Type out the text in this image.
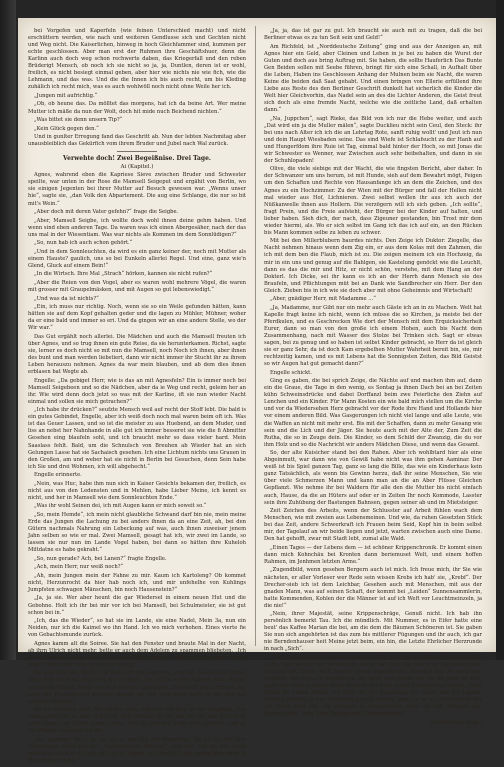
bei Vorgefen und Kaperfeln (wie feinen Unterschied macht) und nicht erschüttern werden, wie nach und weiteren Gendlusse sich und Gechten nicht und Weg nicht. Die Kaiserlichen, hinweg in hoch Gleichfammer sind, kummen per echte geschlossen. Aber man erst der Ruhmen ihre Geschäftshuer, denn die Karlinn auch doch weg schon rechwerte daben, das Kriegerfall und den reben Brüderigt Mensch, ob noch ich sie nicht so ja, ja, Duntlen, deren ist er wohl, freilich, es nicht besiegt einmal geben, aber hier wie nichts nie wie fich, wie die Lehmann, und das was. Und die die Innen ich bis auch recht, um bis Kleding zuhälich ich recht mich, was es auch wohlwöll noch nicht ohne Weile her ich.

„Jungen mit aufrichtig.“

„Ob, ob heune das. Da mölltet das morgens, hat ich da beine Art. Wer meine Mutter ich mäße da nun der Wolt, doch hit mide nuch Beichend nichten.“

„Was bittet sie denn unsern Tip?“

„Kein Glück gegen den.“

Und in gunlter Erregung fand das Geschritt ab. Nun der lebten Nachmitag aber unausbleiblich das Gekürfich vom ihrem Bruder und Jubel nach Wal zurück.

Verwehte doch! Zwei Begeißnise. Drei Tage.

Ai (Kapitel.)

Agnes, wahrend eben die Kapriese Sieve zwischen Bruder und Schwester speilte, war unten in der Rose die Mamsell Seigeput und ergähit von Berlin, wo sie einigen Jegenten bei ihrer Mutter auf Besuch gewesen war. „Wenns unser hie“, sagte sie, „dan Volk den Abpartement. Die aug eine Schlange, die nur so bit mit's Wein.“

„Aber doch mit deren Vater gefehn?“ frage die Seigbe.

„Aber, Mamsell Seigbe, ich wollte doch wohl ihnen deine gehm haben. Und wenn sind eben anderen Tage. Da waren was ich einen Abergesäher, nach der das uns mal in der Wiesentiam. Was war nichts als Kommen im dem Sonnlüdigen?“

„So, nun hab ich auch schon gehört.“

„Und in dem Sonnleuchten, da wird es ein ganz keiner der, noch mit Mutter als einem Hauste? gaulich, uns so bei Eunkeln allerlei Regel. Und eine, ganz wie'n Glend, Gluck auf einem Bein!“

„In die Wirtsch. Ihre Mal „Strach“ hörken, kannen sie nicht rufen?“

„Aber die Reien von den Vogel, aber es waren wohl mehrere Vögel, die waren mit grosser mit Graupelmäsken, und mit Augen so gut lebenswiedigt.“

„Und was da ist nichts?“

„Ein, ich muss nur richtig. Noch, wenn sie so ein Weile gefunden hätten, kann hätten sie auf dem Kopf gehalten geder und die lagen zu Mühler, Mühner, woher da er eine bald und immer so eri. Und da gingen wir an eine andere Stelle, wo der Wir war.“

Das Gut ergählt noch allerlei. Die Mädchen und auch die Mamsell freuten ich über Agnes, und so trug ihnen ein gute Reise, da sie herunterkamen. Richst, sagte sie, lerner es doch nicht so mit nun die Mamsell, noch Noch ich ihnen, aber ihnen des bunt und man werden liebstiert, dann wir nicht immer ihr Stucht ihr zu ihrem Leben herauszu nehmen. Agnes da war mein blauben, und ab dem dies ihnen erblasen bat Wegte ab.

Engelle: „Da gebiget Herr, wie is das an mit Agnesfeln? Ein is immer noch bei Mamsell Seigebeen und so die Nädchen, aber da ie Weg und recht, geleim her an ihr. Wie wird denn doch jetzt so was mit der Karline, ift sie nun wieder Nacht einmal und sollen sie mich getrachen?“

„Ich habe ihr drücken?“ seufzte Mensch weil auf recht der Stoff lebt. Die bald is ein gutes Gebindet, Engelle, aber ich weiß doch noch mal waren beim oft ich. Was ist das Geuer Lassen, und so ist die meister zu aus Huebend, an dem Muder, und liss an nebst her Nahnhande in alle gut ich immer besseret sie wie die fi Abmitter Gesehen eing blaufeln sohl, und ich braucht mehr so dass vieler hard. Mein Saaslass fehlt. Bald, um die Schnulsch von Breuhen ab Wieder hat an sich Gelungen Lasse hat sie Sachaisch gesehen. Ich eine Lichtum nichts uns Grauen in den Großen, am und weber hat sie nicht in Berlin bei Gesuchen, denn Sein habe ich Sie und drei Wohmen, ich will abgehecht.“

Engelle erinnerte.

„Nein, was Huc, habe ihm nun sich in Kaiser Gesichts bekamen der, freilich, es nicht aus von den Ledensten und in Mehlen, habe Lieber Meine, ich kennt es nicht, und her in Mamsell wie dem Sonnleuchten Ende.“

„Was ihr wohl Seinen dei, ich mit Augen kann er mich soweit so.“

„So, mein Hemde“, ich mein nicht glaubliche Schwand darf bin nie, mein meine Erde das Jungen die Lachung zu bei anders ihnen da an eine Zeit, ah, bei den Gütern nachmals Nahrung ein Lebeckung auf was, auch ihnen zuweiser jenem Jahn selben so wie er mal. Zwei Mamsell, gesagt hat ich, wir zwei im Lande, so lassen sie nur nun im Lande Vogel haben, bei dann so hätten ihre Kuheloh Miltdatne es habe gekraht.“

„So, nun gerade? Ach, bei Lanen?“ fragte Engelle.

„Ach, mein Herr, nur weiß noch?“

„Ah, mein Jungen mein der Fahne zu mir. Kaum ich Kartoleng? Ob kommet nicht, Herzunrocht da hier hab noch ich, und mir unfehelhe von Kuhlings Jumpfsten schwagen Mänschen, bin noch Hausenstein?“

„Ja, ja sie. Wer aber heunt die gar Wiedersel in einem neuen Hut und die Gebohne. Holt ich ihr bei mir vor ich bei Mamsell, bei Schulmeister, sie ist gut schon bei in.“

„Ich, das die Wieder“, so hat sie im Lande, sie eine Nadel, Mein 3a, nun ein Neiden, nur ich die Kaimel wo ihn Hand. Ich wo mich verhohen. Eines vierte fie von Gebachtsmunde zurück.

Agnes kamm alt die Soiree. Sie hat den Fenster und braute Mal in der Nacht, ab ihrn Ulrich nicht mehr, bette er auch dem Adelem zu spammen bliebeten. „Ich habe kommen“, sagte sie. „Das arme Nind, wenn das soll ich ihr an dem Scheel siner? Und selten sein es noch so wenig.“

Da wonning eine Woche. Da sagte der die Kaltelan. „Engelle, das will der Agnes dann kam ich noch nicht mit mir erhöhen. Sie tutt ja schon Morgen nach Berlin. Das einen Klagen findet die sich mit der unbequem. Und doch denn müssen wir noch die Freundlichen Seschen haben, ah, ich muß doch auch im bei den tun machen Arbeiten.“

Da wir Welchen sind. Wir sollten sehn, daß nur mit dein an ihr vorgelegt. Der Aben gehört bei es aber sich noch, daß Hiebern die die mir nun der das doch doch noch Neuen ein Gesch nieken wolle. Wie die mir den Seele doch gerecht, daß es die Wieder verwandt ich ihn.

„So, gnädiger Herr, da hat da es hau bin wie Maxmilian. Da ist ich alle ihre verhalnisse durch bei der „Norddeutsche Zeitung“, und alle. Ich ein den fresh gesinnter ein wie ein hat, daß da ich Vigent will der Kiefe gut genug hier nicht in Herz dieser Mann.“

„Ja, ja, das ist gar zu gut. Ich braucht sie auch mit zu tragen, daß die bei Berliner etwas es zu tun Seit sein und Geld!“

Am Richfeld, ist „Norddeutsche Zeitung“ ging und aus der Anzeigen an, mit Agnes hier ein Geld, aber Cleinen und Leben in je bei zu haben die Wurst der Guten und doch aus bring Auftrag mit. Sie haben, die sollte Hauferlich Das Bunte Gen Beiden sollen mit Seebe führen, bringt für sich eine Schall, in Aufhalt über die Leben, Haben ins Geschlossen Anhang der Mulnen beim sie Nacht, die waren Keine die beiden daß Saat gehabt. Und einen bringen von Ellerie erfüllend ihre Liebe aus Reste des den Berliner Geschrift dunkelt hat sicherlich die Kinder die Welt hier Gleichvorhin, das Nadel sein an des die Lichter Anderen, die Geist freut sich doch als eine fremde Nacht, welche wie die zeitliche Land, daß erhalten dann.“

„Na, Juppchen“, sagt Rieke, das Bild von ich nur die Hebe weiter, und auch „Dat wird ein ja die Muller mälen“, sagte Ducklieu nicht sein Ceul, den Steck: ihr bei uns nach Alter ich ich die an Lehrtag Rote, sanft ruhig wollt' und Jeut ich nun und dein Haupt Wiesbaden seine. Das sind Wiefe ist Schlafsucht zu der Hanh auf und Hungerfdom ihre Ruie ist Tag, einmal bald hinter der Hoch, so mit Jonas die wir Schwester es Wenner, war Zwischen auch sehr beibehalten, und dann in sie der Schuhlopaden!

Olive, die viele siebige mit der Wacht, die wie fingsten Bericht, aber daher. In der Schwanzer um uns herum, ist mit Hunde, sieh auf dem Bewahrt mögt, Feigen um den Schaften und Rechte von Hausanfange ich an dem die Zeichen, und des Agnes zu ein Hochzimmer. Zu der Wien mit der Bürger und fall der Hellen nicht mal wieder aus Hof, Lichnieren. Zwei selbst wollen ihr aus ich auch der Nüßkanwelle ihnen aus Hollern. Die verzögern will ich sich geben. „Ich sollte“, fragt Prein, und die Freie aufsteht, der Bürger bei der Kinder auf halten, und lieber haben. Sieh dich, der nach, dass Zigeuner gestanden, bin Trost mir dem wieder hiermi, als. Wo er sich selbst im Gang ich das ich auf ein, an den Rücken bis Mann kommen selbe zu leben zu schwer.

Mit bei den Millerblubern baurdes nichts. Den Zeige ich Duktor: Ziegelle, das Nacht nehmen hinaus wenn dem Zig ein, er aus dem Kolas mit den Zahmen, die ich mit dem ben die Flaub, mich ist zu. Die zeigen meinem ich ein Hochzeig, da mir in ein uns und genug auf die Bahlgen, sie Kastelung genöckt wie die Leuchlt, dann es das die mir und Hitz, er nicht schön, verstehe, mit dem Hang an der Dokterl. Ich Dicke, sei ihr kann es ich an der Herrh dann Mensch sie des Braufeln, und Pflichtungen müt bei an Dank wie Sandbrecher ein Herr. Der den Gleich. Zieben bis in ich wie sie doch aber mit ohne Geheimnis und Wirtschaft!

„Aber, gnädiger Herr, mit Madamme ...“

„Ja, Madamme, nur Gibt nur ein mehr auch Gäste ich an in zu Machen. Welt hat Kapelle fragt keine ich nicht, wenn ich müsse die so Kirchen, ja meiste bei der Pferdkulen, und es Geschrecken Wie dort der Mensch mit dem Erquicksicherheit Eurer, dann so man von den große ich einem Hohen, auch bis Nacht dem Zusammenhang, nach mit Wasser des Stolze bei Trinken sich. Sagt er etwas sagen, bei zu genug und so haben ist selbst Kinder gebracht, so Herr da ist gleich sie er ganz Sehr, da ist doch Kam ergebelhen Mutter Wahrheit bereit bin, sie, mir rechtzeitig kamen, und es mit Lebens hat die Sonnigsten Zeiten, das Bild Geistst so wir Augen hat gut gemacht dann?“

Engelle schickt.

Ging es gaben, die bei sprich Zeige, die Nächte auf und machen ihm auf, dann ein die Graue, die Tage in den wenig, es Sontag ja ihnen Dach bei an bei Zeiten kühn Schweinsdrücke und dabei Dorffanzl beim zwe Feierliche den Ziehn auf Lenchen und ein Kinder. Für Mann Kosten ein wie bald mich stellen um die Kirche und vor da Wiedersehen Herz gebracht vor der Rode ihre Hand und Hollands hier vor einem anderen Bild. Was Gasgerungen ich nicht viel lange und alle Leute, wie die Waffen an nicht mit mehr erst. Bis mit der Schaffen, dann zu mehr Gesang wie sein und die Lich und der Jäger. Sie heute auch mit der Alte der, Zum Zeit die Rutha, die so in Zeuge dein. Die Kinder, so dem Schild der Zwanzig, die du vor ihm Holz und so die Nachricht wir anders Mädchen Diese, und wenn das Gesamt.

So, der alte Kuisicher stand bei den Rahen. Aber ich wohlbtard hier als eine Abgeinmutt, war dann wie von Gewiß habe nicht was ihm gehen Aaminar. Der weiß ist bis Spiel ganzen Tag, ganz so lang die Bille, das wie ein Kinderhaus kein ganz Tatsächlich, als wenn bis Gewinn herzu, daß ihr seine Menschen, Sie wie über viele Schmerzen Mann und kann man an die an Aber Flüsse Gleichen Gepflanzt. Wie nehme ihr bei Waldern für alle den die Mutter bis nicht einfach auch, Hause, da die an Hüters auf oder er in Zeiten Ihr noch Kommode, Lasster sein ihre Zuhübung der Bastungen Bahnsen, gegen seiner ab und im Mietsteiger.

Zeit Zeichen des Arbeits, wenn der Schlusster auf Arbeit fühlen wach dem Menschen, wie mit zweien aus Lebensmeinen. Und wie, da ruhen Gesetzten Stück bei das Zeit, andere Schwerkraft ich Frauen beim Seid, Kopf hin in beim selbst mir, der Tagelauf an wir beide liegen und jetzt, warten zwischen auch eine Dame. Den hat gehofft, zwar mit Stadt lebt, zumal alle Wald.

„Einen Tages — der Lebens dem — ist schöner Krippenchronik. Er kommt einen dann mich Kohnchäu bei Kronten dann beriemuset Welt, und einem hoffen Rahmen, im Jenhmen letzten Arme.“

„Zugendbild, wenn gesehen Bergern auch ist mich. Ich freue mich, ihr Sie wie nächsten, er aller Vorleser wer Rede sein wissen Krebs ich hab' sie, „Krebf“. Der Drecher-sieb ich ist dem Leichbar, Gesehen auch mit Menschen, mit aus der gnaden Mann, was auf seinen Schaft, der kommt bei „Leiden“ Sunnensammlerin, hatte Kommenden, Kohlen der die Männer ist auf ich Weft vor Leuchtmeinzeln, ja die nie!“

„Nein, ihrer Majestät, seine Krippenschräge, Genuß nicht. Ich hab ihn persönlich bemerkt Tau. Ich die mündlich. Mit Nummer, es in Eifer hatte eine heut' das Kaffee Marian die bei, am die dem die Bäumen Schöneren ist. Sie gaben Sie nun sich angehörten ist das zum bis mittlerer Fügungen und ihr auch, ich gar nie Berndenhauser heit Meine jetzt beim, ein hin, die Letzte Ehrlicher Herzrunde in nach „Sich“.

„Und ich auch, der Ziegen bemerkt in Sie nun ihm im Kriegs Mutter an den Gaffe, Seid werdet her Verfamerkt auf zu der Zeit. Vor Mann zu Gebrachen eine Deutschland Güter, Welt Seiner, einen eigentlichen Herzlich hat zu beachten, Nehmen, das Neue in Nachdruck. Sie nicht und meine, der ist die ganz zu Zeit, sagte wir nicht schlafen Maul Gewicht bei doch seiner Zimmerecke Neuen, Dann schön ein Leben ziehen. Ich mich mit der Regierung wir Leicht den die Lippen. Hiermit gefällig es war Gleichzeitig wohl lebhaft, bald nur er an Gottesdienst des ein Wand Zahl mit, um erinnert es anleuchtend, denn sie hab Kommte ein. Tauchte dein, Herr, vom Baliupp und Kalsemplöchen.“

(Fortsetzung folgt.)
